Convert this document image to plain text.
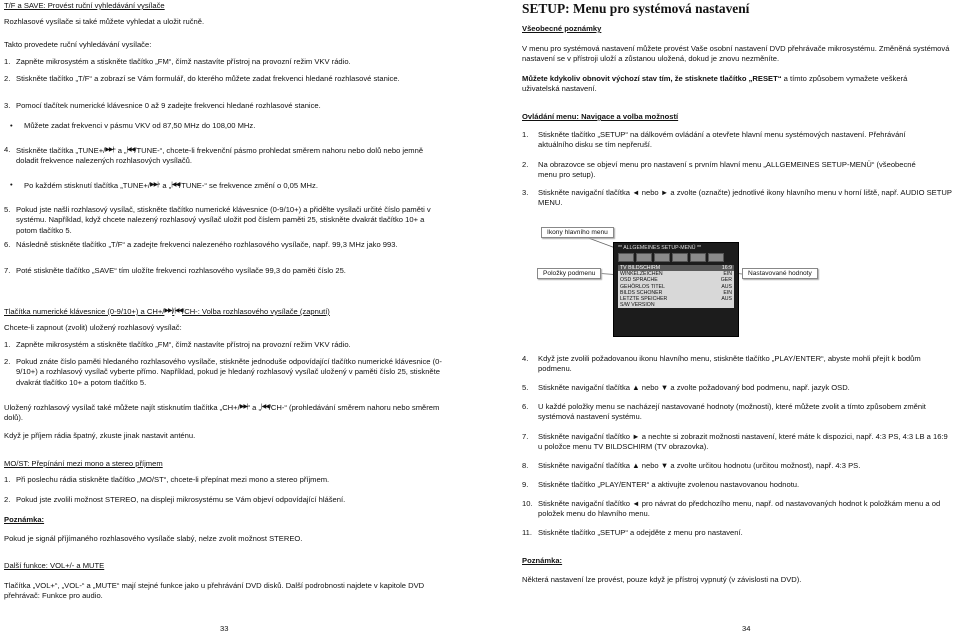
T/F a SAVE: Provést ruční vyhledávání vysílače
Rozhlasové vysílače si také můžete vyhledat a uložit ručně.
Takto provedete ruční vyhledávání vysílače:
1. Zapněte mikrosystém a stiskněte tlačítko „FM“, čímž nastavíte přístroj na provozní režim VKV rádio.
2. Stiskněte tlačítko „T/F“ a zobrazí se Vám formulář, do kterého můžete zadat frekvenci hledané rozhlasové stanice.
3. Pomocí tlačítek numerické klávesnice 0 až 9 zadejte frekvenci hledané rozhlasové stanice.
•	Můžete zadat frekvenci v pásmu VKV od 87,50 MHz do 108,00 MHz.
4. Stiskněte tlačítka „TUNE+/▶▶|“ a „|◀◀/TUNE-“, chcete-li frekvenční pásmo prohledat směrem nahoru nebo dolů nebo jemně doladit frekvence nalezených rozhlasových vysílačů.
•	Po každém stisknutí tlačítka „TUNE+/▶▶|“ a „|◀◀/TUNE-“ se frekvence změní o 0,05 MHz.
5. Pokud jste našli rozhlasový vysílač, stiskněte tlačítko numerické klávesnice (0-9/10+) a přidělte vysílači určité číslo paměti v systému. Například, když chcete nalezený rozhlasový vysílač uložit pod číslem paměti 25, stiskněte dvakrát tlačítko 10+ a potom tlačítko 5.
6. Následně stiskněte tlačítko „T/F“ a zadejte frekvenci nalezeného rozhlasového vysílače, např. 99,3 MHz jako 993.
7. Poté stiskněte tlačítko „SAVE“ tím uložíte frekvenci rozhlasového vysílače 99,3 do paměti číslo 25.
Tlačítka numerické klávesnice (0-9/10+) a CH+/▶▶|/|◀◀/CH-: Volba rozhlasového vysílače (zapnutí)
Chcete-li zapnout (zvolit) uložený rozhlasový vysílač:
1. Zapněte mikrosystém a stiskněte tlačítko „FM“, čímž nastavíte přístroj na provozní režim VKV rádio.
2. Pokud znáte číslo paměti hledaného rozhlasového vysílače, stiskněte jednoduše odpovídající tlačítko numerické klávesnice (0-9/10+) a rozhlasový vysílač vyberte přímo. Například, pokud je hledaný rozhlasový vysílač uložený v paměti číslo 25, stiskněte dvakrát tlačítko 10+ a potom tlačítko 5.
Uložený rozhlasový vysílač také můžete najít stisknutím tlačítka „CH+/▶▶|“ a „|◀◀/CH-“ (prohledávání směrem nahoru nebo směrem dolů).
Když je příjem rádia špatný, zkuste jinak nastavit anténu.
MO/ST: Přepínání mezi mono a stereo příjmem
1. Při poslechu rádia stiskněte tlačítko „MO/ST“, chcete-li přepínat mezi mono a stereo příjmem.
2. Pokud jste zvolili možnost STEREO, na displeji mikrosystému se Vám objeví odpovídající hlášení.
Poznámka:
Pokud je signál příjímaného rozhlasového vysílače slabý, nelze zvolit možnost STEREO.
Další funkce: VOL+/- a MUTE
Tlačítka „VOL+“, „VOL-“ a „MUTE“ mají stejné funkce jako u přehrávání DVD disků. Další podrobnosti najdete v kapitole DVD přehrávač: Funkce pro audio.
33
SETUP: Menu pro systémová nastavení
Všeobecné poznámky
V menu pro systémová nastavení můžete provést Vaše osobní nastavení DVD přehrávače mikrosystému. Změněná systémová nastavení se v přístroji uloží a zůstanou uložená, dokud je znovu nezměníte.
Můžete kdykoliv obnovit výchozí stav tím, že stisknete tlačítko „RESET“ a tímto způsobem vymažete veškerá uživatelská nastavení.
Ovládání menu: Navigace a volba možností
1.	Stiskněte tlačítko „SETUP“ na dálkovém ovládání a otevřete hlavní menu systémových nastavení. Přehrávání aktuálního disku se tím nepřeruší.
2.	Na obrazovce se objeví menu pro nastavení s prvním hlavní menu „ALLGEMEINES SETUP-MENÜ“ (všeobecné menu pro setup).
3.	Stiskněte navigační tlačítka ◄ nebo ► a zvolte (označte) jednotlivé ikony hlavního menu v horní liště, např. AUDIO SETUP MENU.
4.	Když jste zvolili požadovanou ikonu hlavního menu, stiskněte tlačítko „PLAY/ENTER“, abyste mohli přejít k bodům podmenu.
5.	Stiskněte navigační tlačítka ▲ nebo ▼ a zvolte požadovaný bod podmenu, např. jazyk OSD.
6.	U každé položky menu se nacházejí nastavované hodnoty (možnosti), které můžete zvolit a tímto způsobem změnit systémová nastavení systému.
7.	Stiskněte navigační tlačítko ► a nechte si zobrazit možnosti nastavení, které máte k dispozici, např. 4:3 PS, 4:3 LB a 16:9 u položce menu TV BILDSCHIRM (TV obrazovka).
8.	Stiskněte navigační tlačítka ▲ nebo ▼ a zvolte určitou hodnotu (určitou možnost), např. 4:3 PS.
9.	Stiskněte tlačítko „PLAY/ENTER“ a aktivujte zvolenou nastavovanou hodnotu.
10. Stiskněte navigační tlačítko ◄ pro návrat do předchozího menu, např. od nastavovaných hodnot k položkám menu a od položek menu do hlavního menu.
11. Stiskněte tlačítko „SETUP“ a odejděte z menu pro nastavení.
Poznámka:
Některá nastavení lze provést, pouze když je přístroj vypnutý (v závislosti na DVD).
34
Ikony hlavního menu
Položky podmenu	Nastavované hodnoty
** ALLGEMEINES SETUP-MENÜ **
TV BILDSCHIRM	16:9
WINKELZEICHEN	EIN
OSD SPRACHE	GER
GEHÖRLOS TITEL	AUS
BILDS SCHONER	EIN
LETZTE SPEICHER	AUS
S/W VERSION
